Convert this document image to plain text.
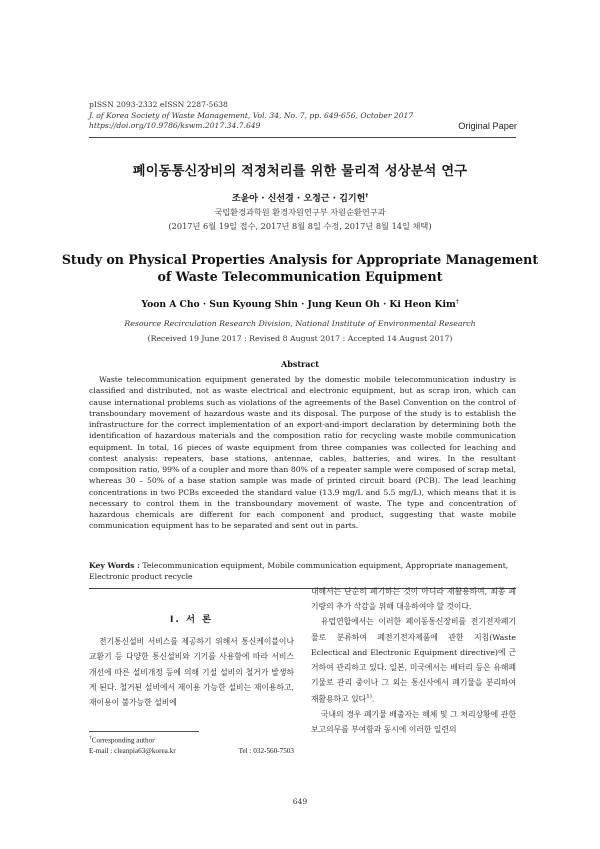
pISSN 2093-2332 eISSN 2287-5638
J. of Korea Society of Waste Management, Vol. 34, No. 7, pp. 649-656, October 2017
https://doi.org/10.9786/kswm.2017.34.7.649	Original Paper
폐이동통신장비의 적정처리를 위한 물리적 성상분석 연구
조윤아 · 신선경 · 오정근 · 김기헌†
국립환경과학원 환경자원연구부 자원순환연구과
(2017년 6월 19일 접수, 2017년 8월 8일 수정, 2017년 8월 14일 채택)
Study on Physical Properties Analysis for Appropriate Management
of Waste Telecommunication Equipment
Yoon A Cho · Sun Kyoung Shin · Jung Keun Oh · Ki Heon Kim†
Resource Recirculation Research Division, National Institute of Environmental Research
(Received 19 June 2017 : Revised 8 August 2017 : Accepted 14 August 2017)
Abstract
Waste telecommunication equipment generated by the domestic mobile telecommunication industry is classified and distributed, not as waste electrical and electronic equipment, but as scrap iron, which can cause international problems such as violations of the agreements of the Basel Convention on the control of transboundary movement of hazardous waste and its disposal. The purpose of the study is to establish the infrastructure for the correct implementation of an export-and-import declaration by determining both the identification of hazardous materials and the composition ratio for recycling waste mobile communication equipment. In total, 16 pieces of waste equipment from three companies was collected for leaching and contest analysis: repeaters, base stations, antennae, cables, batteries, and wires. In the resultant composition ratio, 99% of a coupler and more than 80% of a repeater sample were composed of scrap metal, whereas 30 – 50% of a base station sample was made of printed circuit board (PCB). The lead leaching concentrations in two PCBs exceeded the standard value (13.9 mg/L and 5.5 mg/L), which means that it is necessary to control them in the transboundary movement of waste. The type and concentration of hazardous chemicals are different for each component and product, suggesting that waste mobile communication equipment has to be separated and sent out in parts.
Key Words : Telecommunication equipment, Mobile communication equipment, Appropriate management, Electronic product recycle
I. 서 론

전기통신설비 서비스를 제공하기 위해서 통신케이블이나 교환기 등 다양한 통신설비와 기기를 사용함에 따라 서비스 개선에 따른 설비개정 등에 의해 기설 설비의 철거가 발생하게 된다. 철거된 설비에서 재이용 가능한 설비는 재이용하고, 재이용이 불가능한 설비에

대해서는 단순히 폐기하는 것이 아니라 재활용하여, 최종 폐기량의 추가 삭감을 위해 대응하여야 할 것이다.

유럽연합에서는 이러한 폐이동통신장비를 전기전자폐기물로 분류하여 폐전기전자제품에 관한 지침(Waste Eclectical and Electronic Equipment directive)에 근거하여 관리하고 있다. 일본, 미국에서는 배터리 등은 유해폐기물로 관리 중이나 그 외는 통신사에서 폐기물을 분리하여 재활용하고 있다$^{1)}$.

국내의 경우 폐기물 배출자는 해체 및 그 처리상황에 관한 보고의무를 부여함과 동시에 이러한 일련의

†Corresponding author
E-mail : cleanpia63@korea.kr	Tel : 032-560-7503
649
